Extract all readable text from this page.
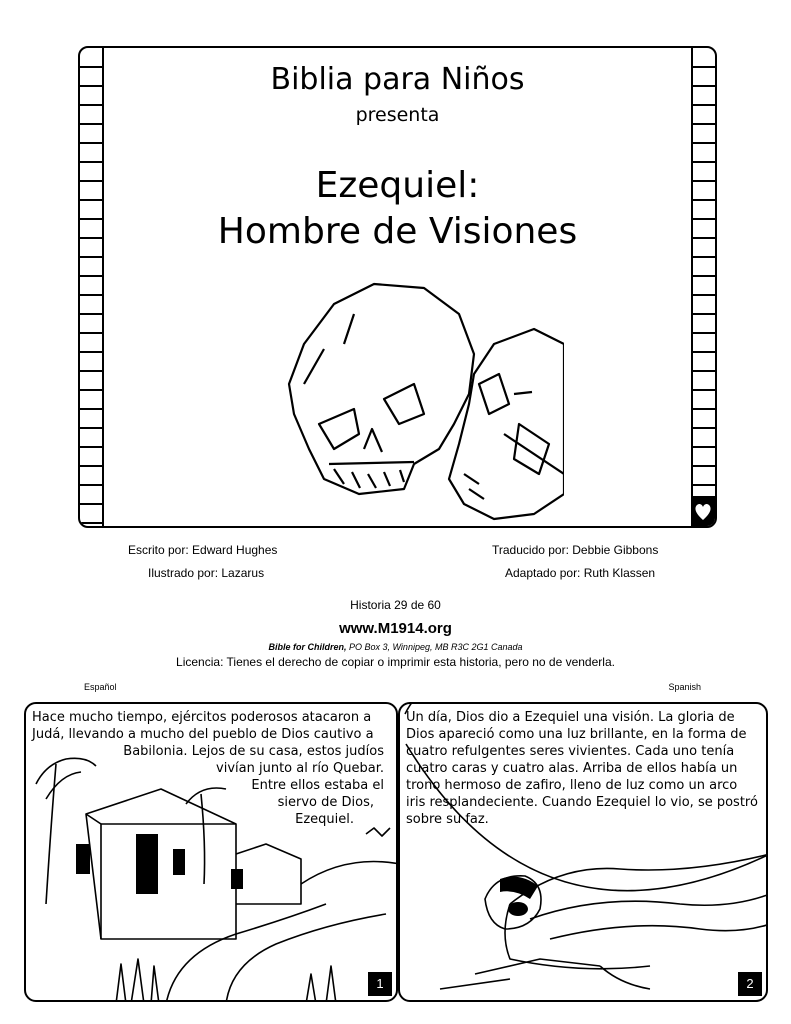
Biblia para Niños
presenta
Ezequiel:
Hombre de Visiones
Escrito por: Edward Hughes
Ilustrado por: Lazarus
Traducido por: Debbie Gibbons
Adaptado por: Ruth Klassen
Historia 29 de 60
www.M1914.org
Bible for Children, PO Box 3, Winnipeg, MB R3C 2G1 Canada
Licencia: Tienes el derecho de copiar o imprimir esta historia, pero no de venderla.
Español	Spanish
Hace mucho tiempo, ejércitos poderosos atacaron a
Judá, llevando a mucho del pueblo de Dios cautivo a
Babilonia. Lejos de su casa, estos judíos
vivían junto al río Quebar.
Entre ellos estaba el
siervo de Dios,
Ezequiel.
1
Un día, Dios dio a Ezequiel una visión. La gloria de Dios apareció como una luz brillante, en la forma de cuatro refulgentes seres vivientes. Cada uno tenía cuatro caras y cuatro alas. Arriba de ellos había un trono hermoso de zafiro, lleno de luz como un arco iris resplandeciente. Cuando Ezequiel lo vio, se postró sobre su faz.
2
